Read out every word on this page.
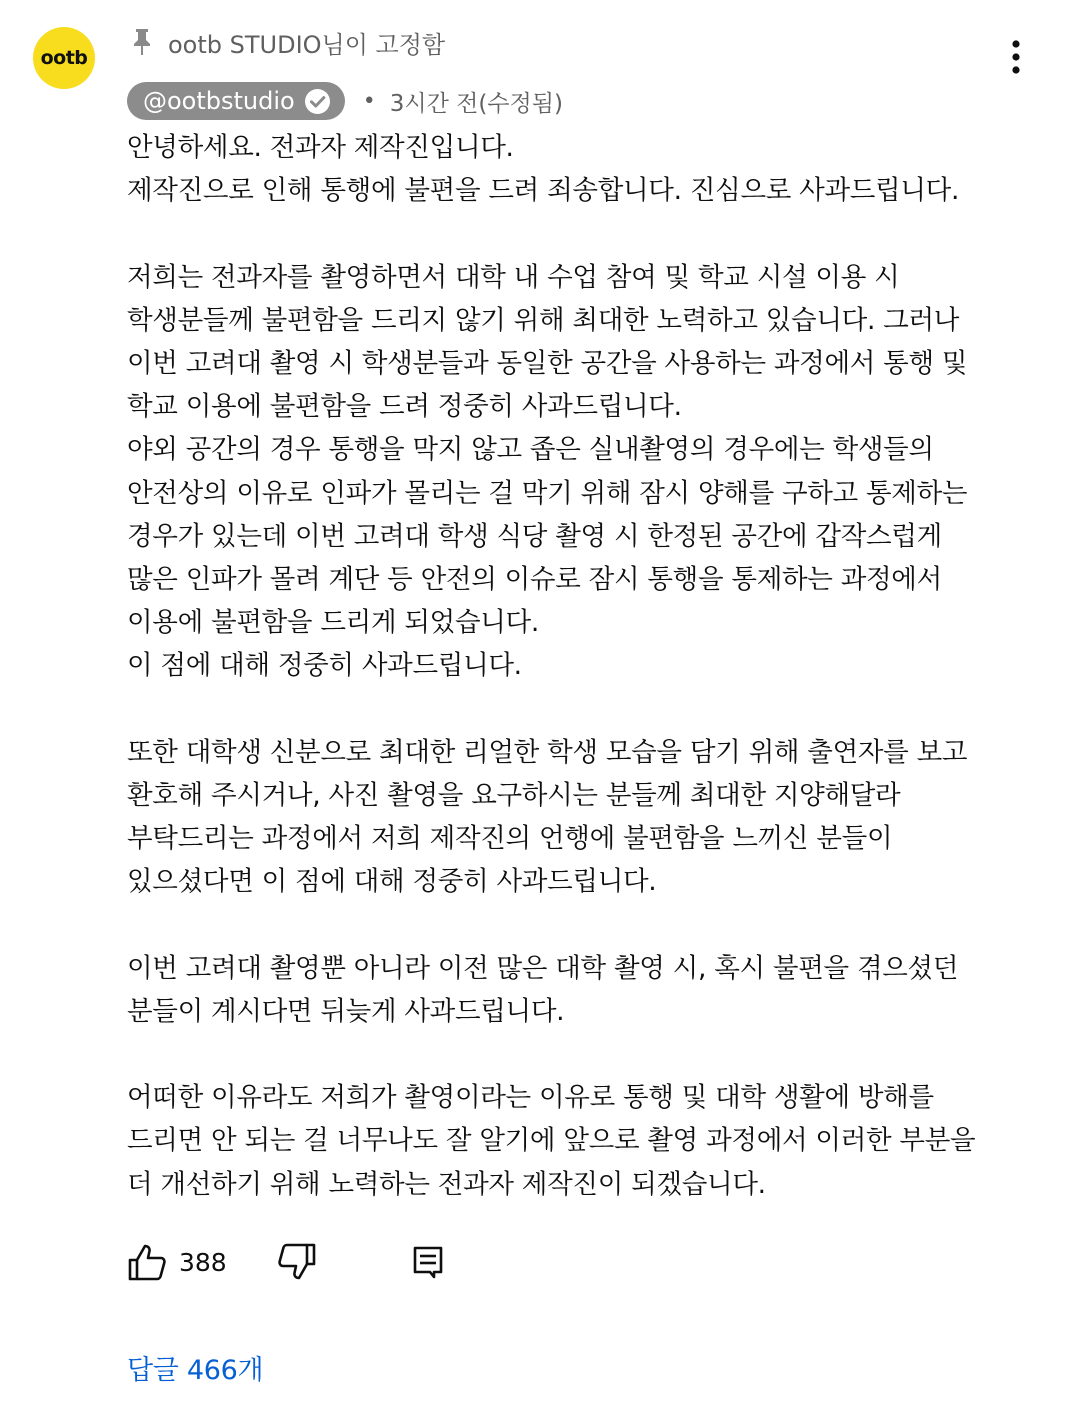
ootb	ootb STUDIO님이 고정함
@ootbstudio	• 3시간 전(수정됨)
안녕하세요. 전과자 제작진입니다.
제작진으로 인해 통행에 불편을 드려 죄송합니다. 진심으로 사과드립니다.
저희는 전과자를 촬영하면서 대학 내 수업 참여 및 학교 시설 이용 시
학생분들께 불편함을 드리지 않기 위해 최대한 노력하고 있습니다. 그러나
이번 고려대 촬영 시 학생분들과 동일한 공간을 사용하는 과정에서 통행 및
학교 이용에 불편함을 드려 정중히 사과드립니다.
야외 공간의 경우 통행을 막지 않고 좁은 실내촬영의 경우에는 학생들의
안전상의 이유로 인파가 몰리는 걸 막기 위해 잠시 양해를 구하고 통제하는
경우가 있는데 이번 고려대 학생 식당 촬영 시 한정된 공간에 갑작스럽게
많은 인파가 몰려 계단 등 안전의 이슈로 잠시 통행을 통제하는 과정에서
이용에 불편함을 드리게 되었습니다.
이 점에 대해 정중히 사과드립니다.
또한 대학생 신분으로 최대한 리얼한 학생 모습을 담기 위해 출연자를 보고
환호해 주시거나, 사진 촬영을 요구하시는 분들께 최대한 지양해달라
부탁드리는 과정에서 저희 제작진의 언행에 불편함을 느끼신 분들이
있으셨다면 이 점에 대해 정중히 사과드립니다.
이번 고려대 촬영뿐 아니라 이전 많은 대학 촬영 시, 혹시 불편을 겪으셨던
분들이 계시다면 뒤늦게 사과드립니다.
어떠한 이유라도 저희가 촬영이라는 이유로 통행 및 대학 생활에 방해를
드리면 안 되는 걸 너무나도 잘 알기에 앞으로 촬영 과정에서 이러한 부분을
더 개선하기 위해 노력하는 전과자 제작진이 되겠습니다.
388
답글 466개
